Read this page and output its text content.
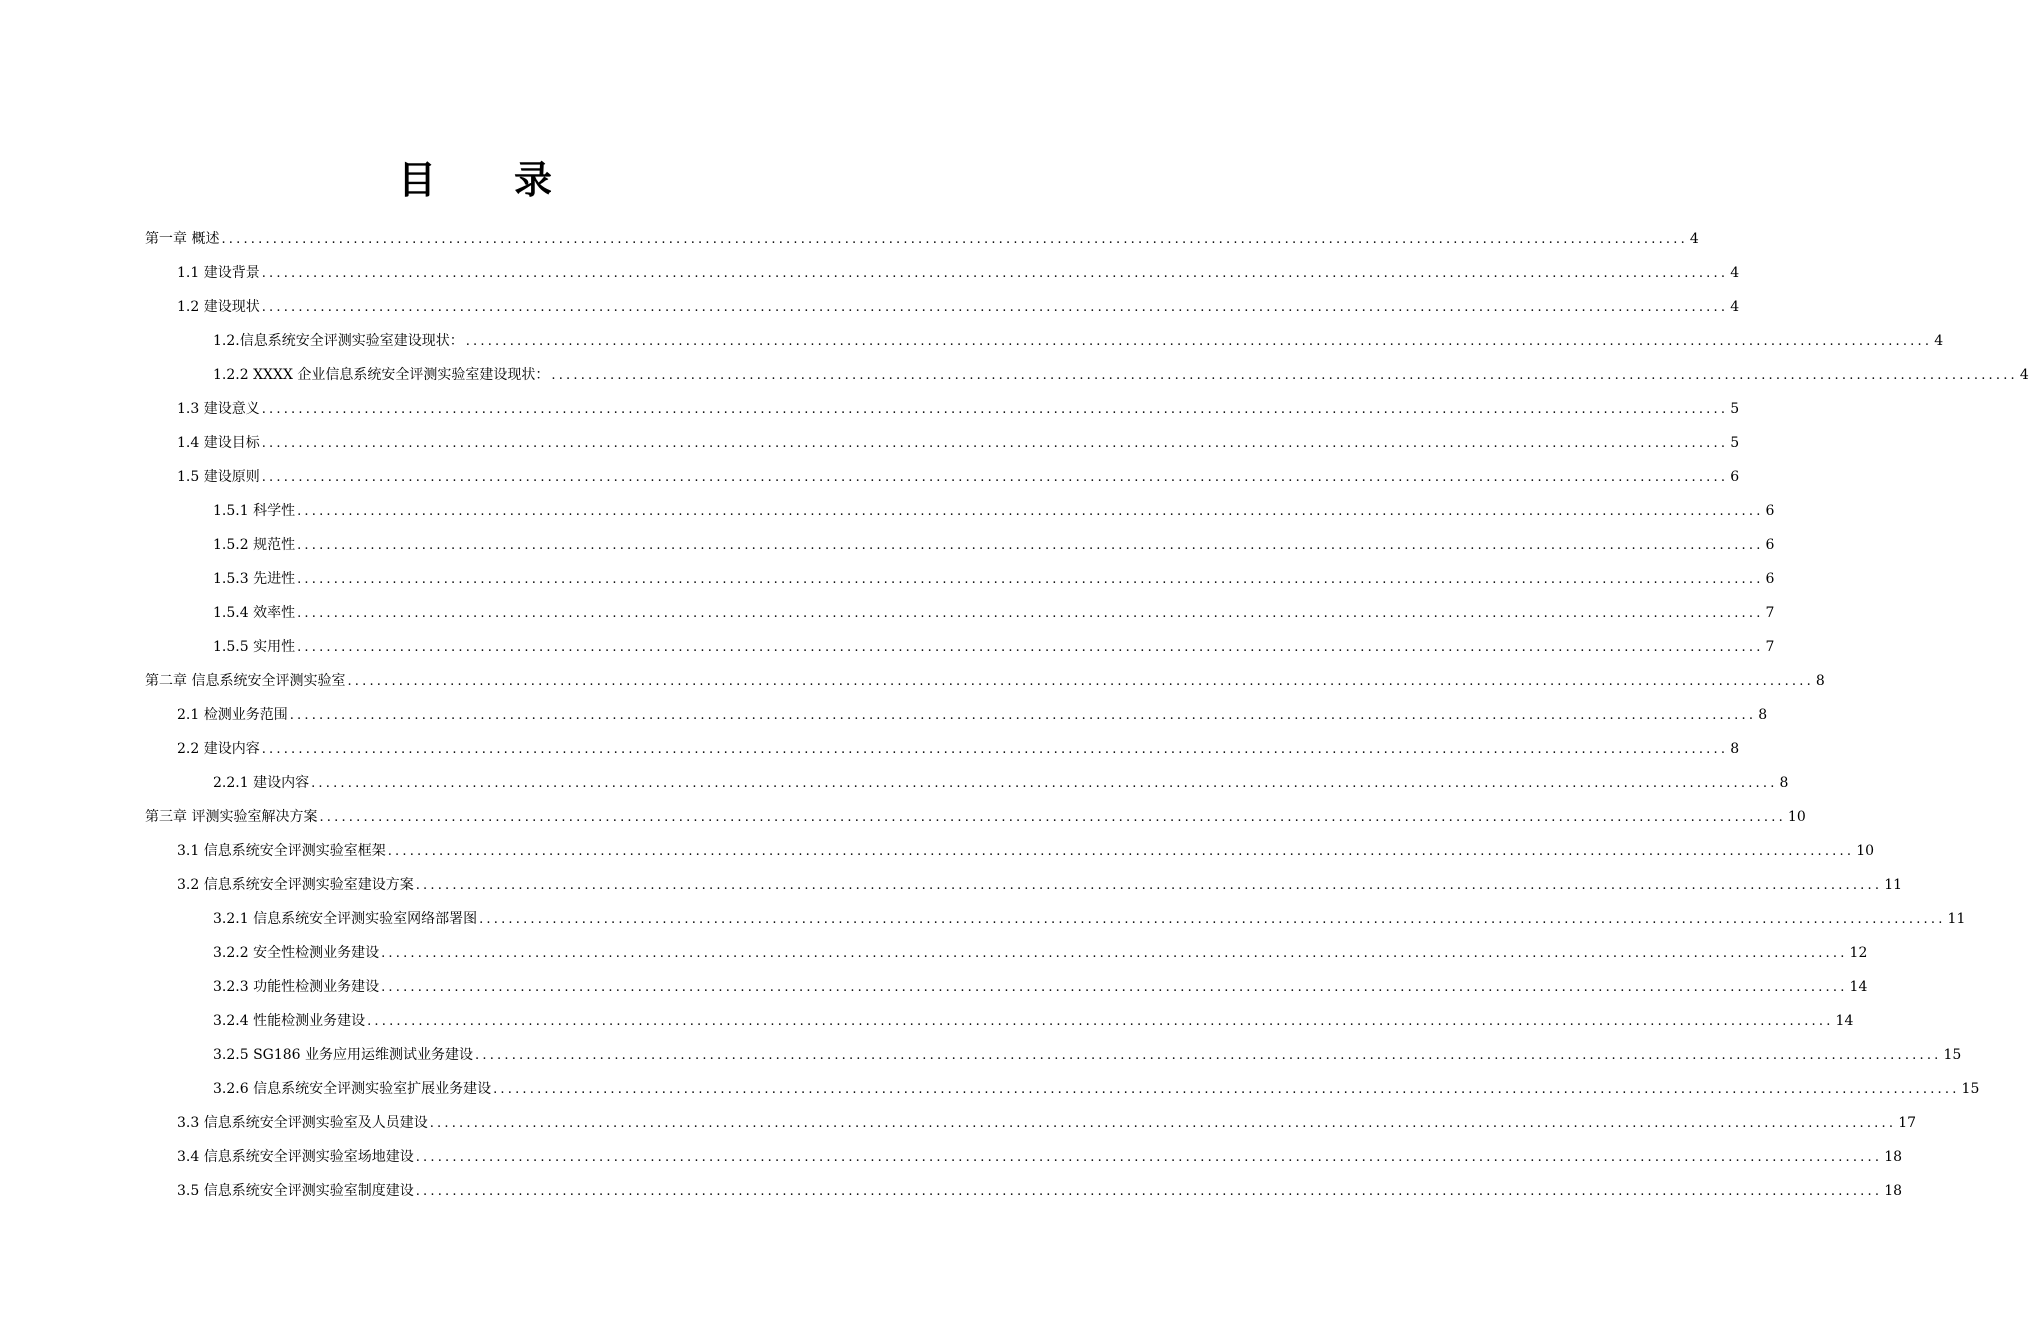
目 录
第一章 概述 ........................................................................................................................................................................................................ 4
1.1 建设背景 ........................................................................................................................................................................................................ 4
1.2 建设现状 ........................................................................................................................................................................................................ 4
1.2.信息系统安全评测实验室建设现状： ........................................................................................................................................................................................................ 4
1.2.2 XXXX 企业信息系统安全评测实验室建设现状： ........................................................................................................................................................................................................ 4
1.3 建设意义 ........................................................................................................................................................................................................ 5
1.4 建设目标 ........................................................................................................................................................................................................ 5
1.5 建设原则 ........................................................................................................................................................................................................ 6
1.5.1 科学性 ........................................................................................................................................................................................................ 6
1.5.2 规范性 ........................................................................................................................................................................................................ 6
1.5.3 先进性 ........................................................................................................................................................................................................ 6
1.5.4 效率性 ........................................................................................................................................................................................................ 7
1.5.5 实用性 ........................................................................................................................................................................................................ 7
第二章 信息系统安全评测实验室 ........................................................................................................................................................................................................ 8
2.1 检测业务范围 ........................................................................................................................................................................................................ 8
2.2 建设内容 ........................................................................................................................................................................................................ 8
2.2.1 建设内容 ........................................................................................................................................................................................................ 8
第三章 评测实验室解决方案 ........................................................................................................................................................................................................ 10
3.1 信息系统安全评测实验室框架 ........................................................................................................................................................................................................ 10
3.2 信息系统安全评测实验室建设方案 ........................................................................................................................................................................................................ 11
3.2.1 信息系统安全评测实验室网络部署图 ........................................................................................................................................................................................................ 11
3.2.2 安全性检测业务建设 ........................................................................................................................................................................................................ 12
3.2.3 功能性检测业务建设 ........................................................................................................................................................................................................ 14
3.2.4 性能检测业务建设 ........................................................................................................................................................................................................ 14
3.2.5 SG186 业务应用运维测试业务建设 ........................................................................................................................................................................................................ 15
3.2.6 信息系统安全评测实验室扩展业务建设 ........................................................................................................................................................................................................ 15
3.3 信息系统安全评测实验室及人员建设 ........................................................................................................................................................................................................ 17
3.4 信息系统安全评测实验室场地建设 ........................................................................................................................................................................................................ 18
3.5 信息系统安全评测实验室制度建设 ........................................................................................................................................................................................................ 18
